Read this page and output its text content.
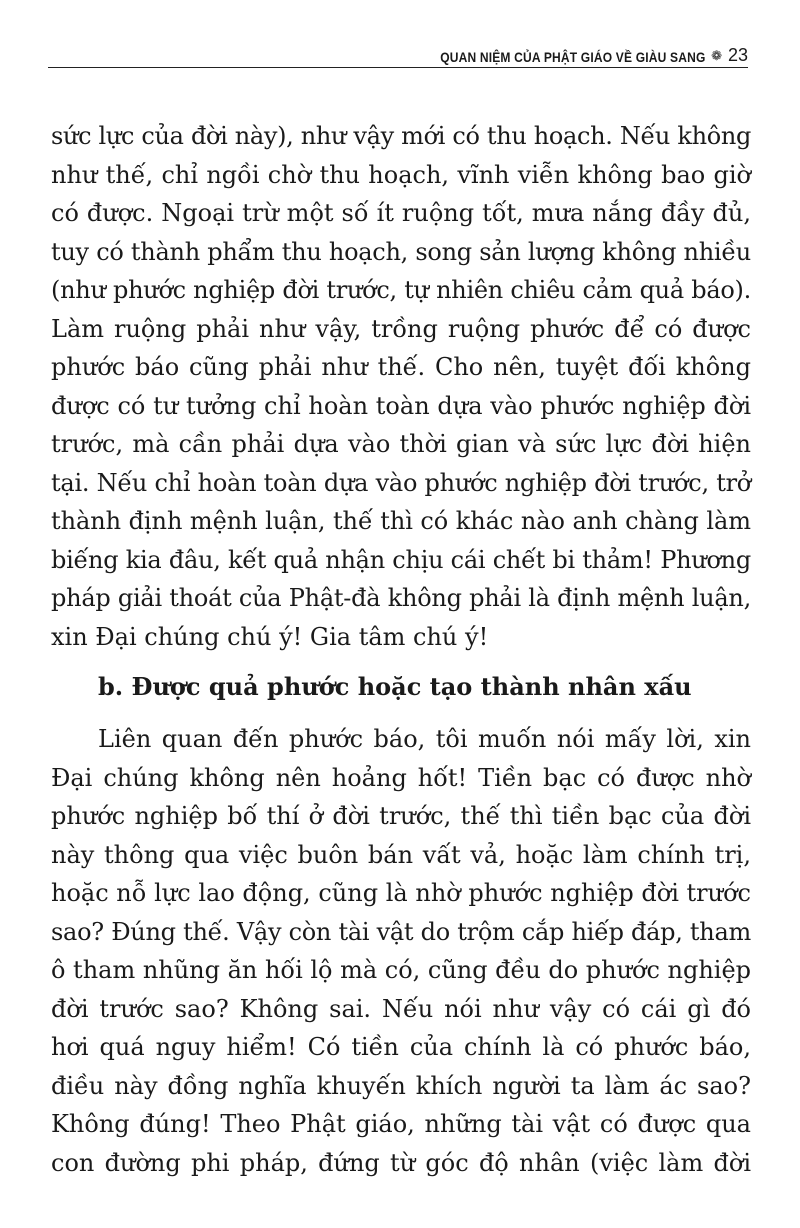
QUAN NIỆM CỦA PHẬT GIÁO VỀ GIÀU SANG ❁ 23
sức lực của đời này), như vậy mới có thu hoạch. Nếu không
như thế, chỉ ngồi chờ thu hoạch, vĩnh viễn không bao giờ
có được. Ngoại trừ một số ít ruộng tốt, mưa nắng đầy đủ,
tuy có thành phẩm thu hoạch, song sản lượng không nhiều
(như phước nghiệp đời trước, tự nhiên chiêu cảm quả báo).
Làm ruộng phải như vậy, trồng ruộng phước để có được
phước báo cũng phải như thế. Cho nên, tuyệt đối không
được có tư tưởng chỉ hoàn toàn dựa vào phước nghiệp đời
trước, mà cần phải dựa vào thời gian và sức lực đời hiện
tại. Nếu chỉ hoàn toàn dựa vào phước nghiệp đời trước, trở
thành định mệnh luận, thế thì có khác nào anh chàng làm
biếng kia đâu, kết quả nhận chịu cái chết bi thảm! Phương
pháp giải thoát của Phật-đà không phải là định mệnh luận,
xin Đại chúng chú ý! Gia tâm chú ý!
b. Được quả phước hoặc tạo thành nhân xấu
Liên quan đến phước báo, tôi muốn nói mấy lời, xin
Đại chúng không nên hoảng hốt! Tiền bạc có được nhờ
phước nghiệp bố thí ở đời trước, thế thì tiền bạc của đời
này thông qua việc buôn bán vất vả, hoặc làm chính trị,
hoặc nỗ lực lao động, cũng là nhờ phước nghiệp đời trước
sao? Đúng thế. Vậy còn tài vật do trộm cắp hiếp đáp, tham
ô tham nhũng ăn hối lộ mà có, cũng đều do phước nghiệp
đời trước sao? Không sai. Nếu nói như vậy có cái gì đó
hơi quá nguy hiểm! Có tiền của chính là có phước báo,
điều này đồng nghĩa khuyến khích người ta làm ác sao?
Không đúng! Theo Phật giáo, những tài vật có được qua
con đường phi pháp, đứng từ góc độ nhân (việc làm đời
